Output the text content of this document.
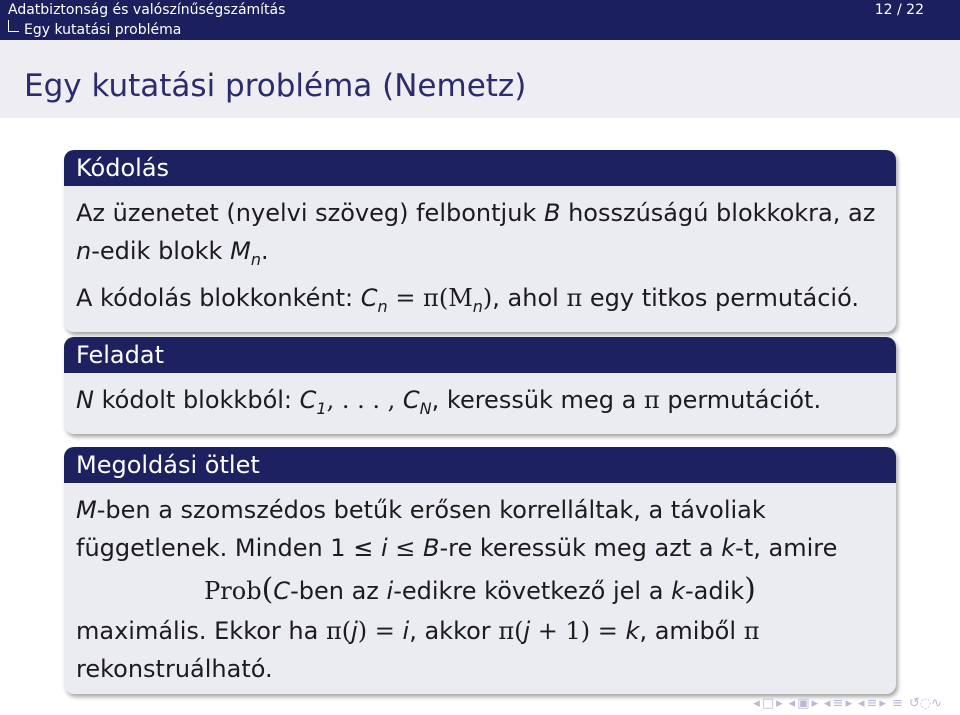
Adatbiztonság és valószínűségszámítás	12 / 22
Egy kutatási probléma
Egy kutatási probléma (Nemetz)
Kódolás
Az üzenetet (nyelvi szöveg) felbontjuk B hosszúságú blokkokra, az
n-edik blokk $M_n$.
A kódolás blokkonként: $C_n = \pi(M_n)$, ahol π egy titkos permutáció.
Feladat
N kódolt blokkból: $C_1$, . . . , $C_N$, keressük meg a π permutációt.
Megoldási ötlet
M-ben a szomszédos betűk erősen korrelláltak, a távoliak
függetlenek. Minden 1 ≤ i ≤ B-re keressük meg azt a k-t, amire
Prob(C-ben az i-edikre következő jel a k-adik)
maximális. Ekkor ha π(j) = i, akkor π(j + 1) = k, amiből π
rekonstruálható.
◂ □ ▸ ◂ ▣ ▸ ◂ ≡ ▸ ◂ ≡ ▸ ≡ ↺◌∿
